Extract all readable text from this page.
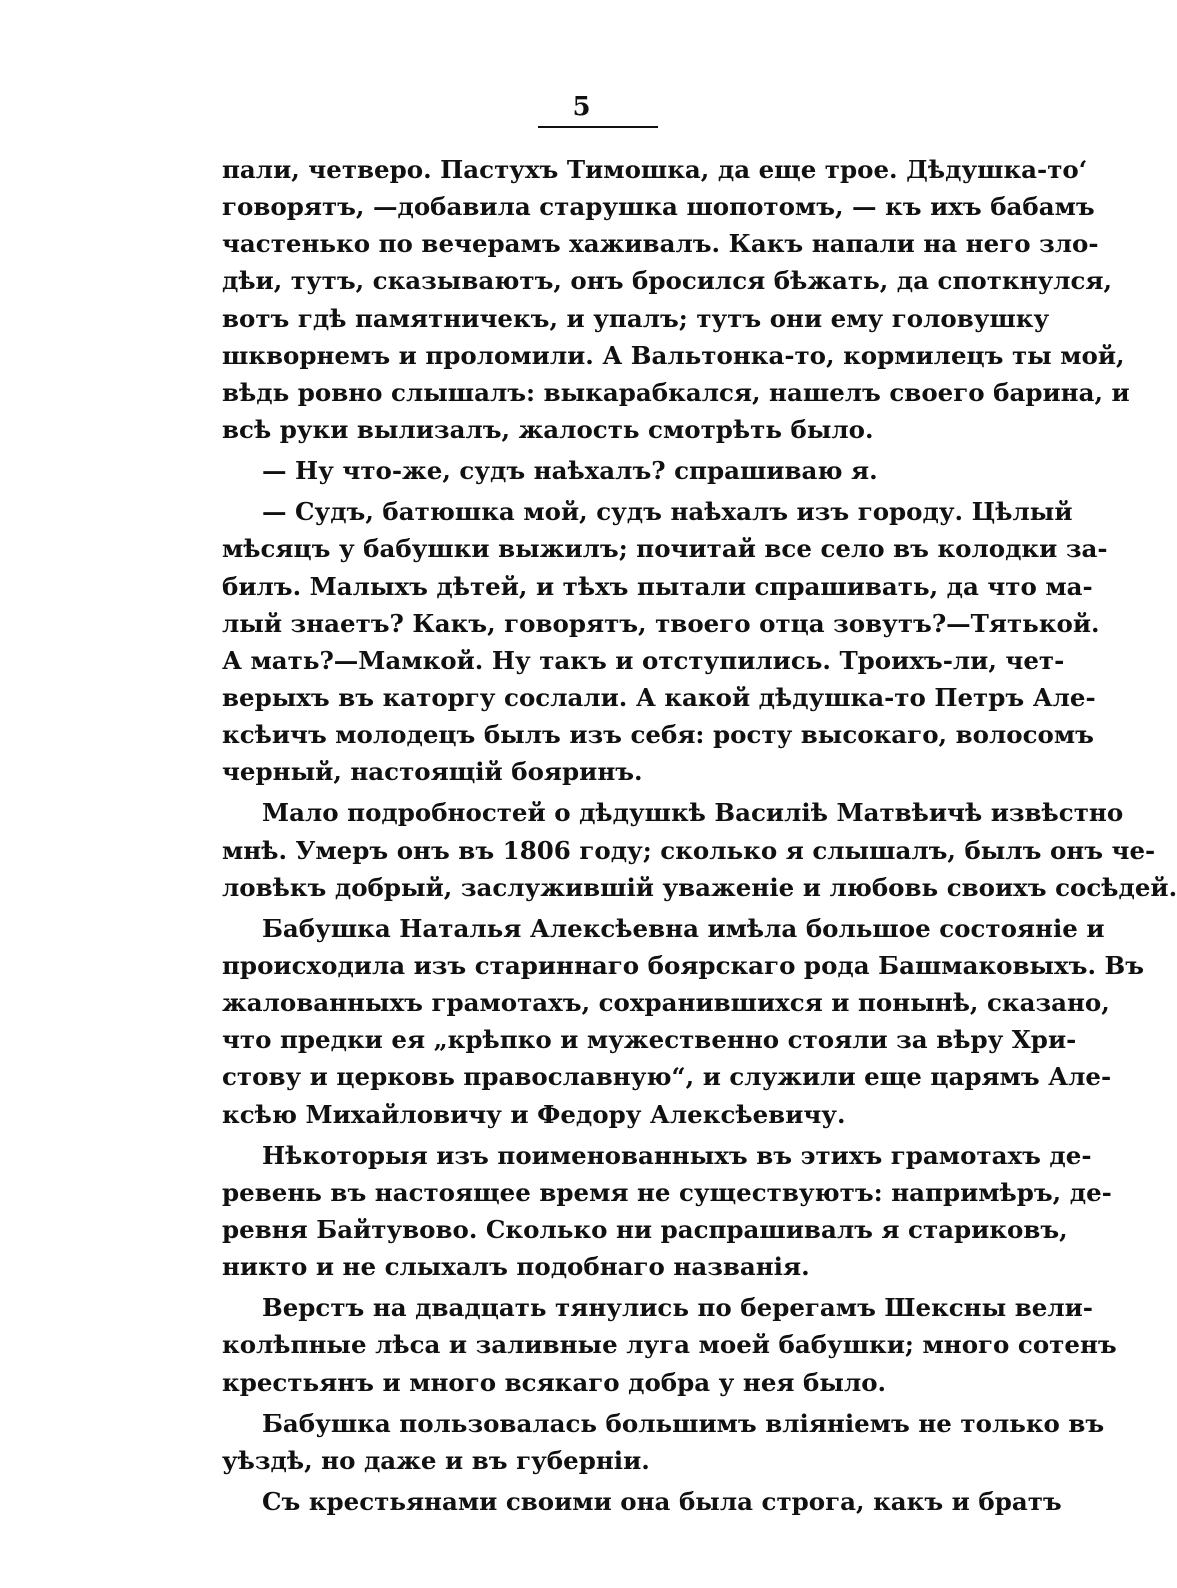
5
пали, четверо. Пастухъ Тимошка, да еще трое. Дѣдушка-то‘
говорятъ, —добавила старушка шопотомъ, — къ ихъ бабамъ
частенько по вечерамъ хаживалъ. Какъ напали на него зло-
дѣи, тутъ, сказываютъ, онъ бросился бѣжать, да споткнулся,
вотъ гдѣ памятничекъ, и упалъ; тутъ они ему головушку
шкворнемъ и проломили. А Вальтонка-то, кормилецъ ты мой,
вѣдь ровно слышалъ: выкарабкался, нашелъ своего барина, и
всѣ руки вылизалъ, жалость смотрѣть было.
— Ну что-же, судъ наѣхалъ? спрашиваю я.
— Судъ, батюшка мой, судъ наѣхалъ изъ городу. Цѣлый
мѣсяцъ у бабушки выжилъ; почитай все село въ колодки за-
билъ. Малыхъ дѣтей, и тѣхъ пытали спрашивать, да что ма-
лый знаетъ? Какъ, говорятъ, твоего отца зовутъ?—Тятькой.
А мать?—Мамкой. Ну такъ и отступились. Троихъ-ли, чет-
верыхъ въ каторгу сослали. А какой дѣдушка-то Петръ Але-
ксѣичъ молодецъ былъ изъ себя: росту высокаго, волосомъ
черный, настоящій бояринъ.
Мало подробностей о дѣдушкѣ Василіѣ Матвѣичѣ извѣстно
мнѣ. Умеръ онъ въ 1806 году; сколько я слышалъ, былъ онъ че-
ловѣкъ добрый, заслужившій уваженіе и любовь своихъ сосѣдей.
Бабушка Наталья Алексѣевна имѣла большое состояніе и
происходила изъ стариннаго боярскаго рода Башмаковыхъ. Въ
жалованныхъ грамотахъ, сохранившихся и понынѣ, сказано,
что предки ея „крѣпко и мужественно стояли за вѣру Хри-
стову и церковь православную“, и служили еще царямъ Але-
ксѣю Михайловичу и Федору Алексѣевичу.
Нѣкоторыя изъ поименованныхъ въ этихъ грамотахъ де-
ревень въ настоящее время не существуютъ: напримѣръ, де-
ревня Байтувово. Сколько ни распрашивалъ я стариковъ,
никто и не слыхалъ подобнаго названія.
Верстъ на двадцать тянулись по берегамъ Шексны вели-
колѣпные лѣса и заливные луга моей бабушки; много сотенъ
крестьянъ и много всякаго добра у нея было.
Бабушка пользовалась большимъ вліяніемъ не только въ
уѣздѣ, но даже и въ губерніи.
Съ крестьянами своими она была строга, какъ и братъ
